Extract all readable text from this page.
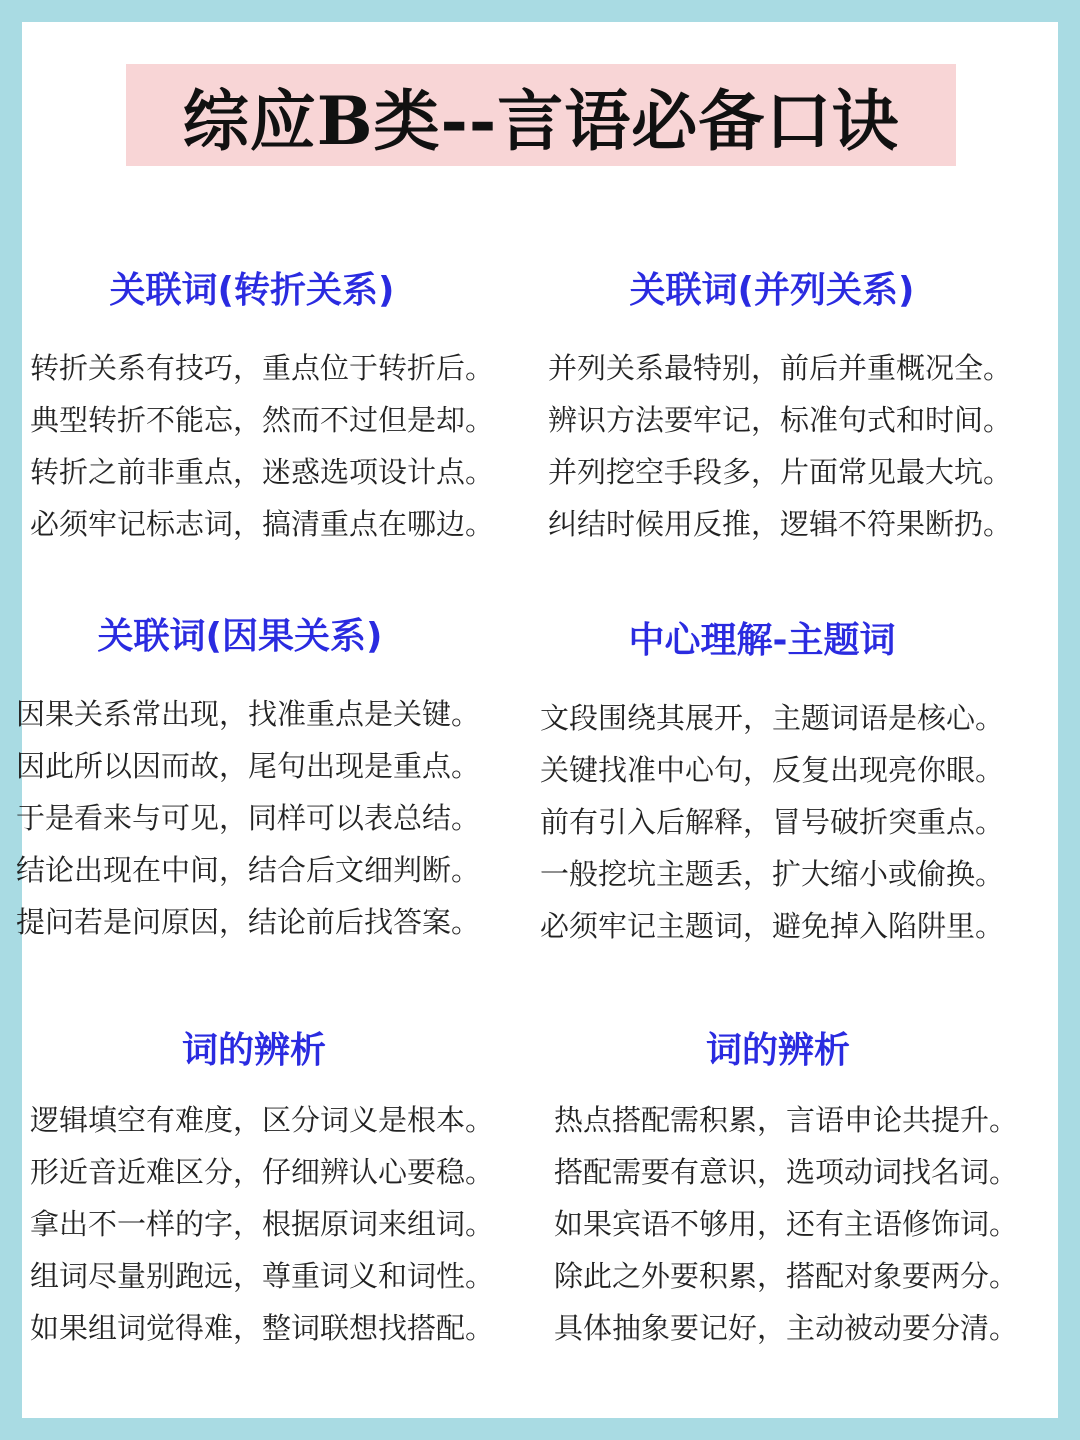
综应B类--言语必备口诀
关联词(转折关系)
转折关系有技巧，重点位于转折后。
典型转折不能忘，然而不过但是却。
转折之前非重点，迷惑选项设计点。
必须牢记标志词，搞清重点在哪边。
关联词(并列关系)
并列关系最特别，前后并重概况全。
辨识方法要牢记，标准句式和时间。
并列挖空手段多，片面常见最大坑。
纠结时候用反推，逻辑不符果断扔。
关联词(因果关系)
因果关系常出现，找准重点是关键。
因此所以因而故，尾句出现是重点。
于是看来与可见，同样可以表总结。
结论出现在中间，结合后文细判断。
提问若是问原因，结论前后找答案。
中心理解-主题词
文段围绕其展开，主题词语是核心。
关键找准中心句，反复出现亮你眼。
前有引入后解释，冒号破折突重点。
一般挖坑主题丢，扩大缩小或偷换。
必须牢记主题词，避免掉入陷阱里。
词的辨析
逻辑填空有难度，区分词义是根本。
形近音近难区分，仔细辨认心要稳。
拿出不一样的字，根据原词来组词。
组词尽量别跑远，尊重词义和词性。
如果组词觉得难，整词联想找搭配。
词的辨析
热点搭配需积累，言语申论共提升。
搭配需要有意识，选项动词找名词。
如果宾语不够用，还有主语修饰词。
除此之外要积累，搭配对象要两分。
具体抽象要记好，主动被动要分清。
